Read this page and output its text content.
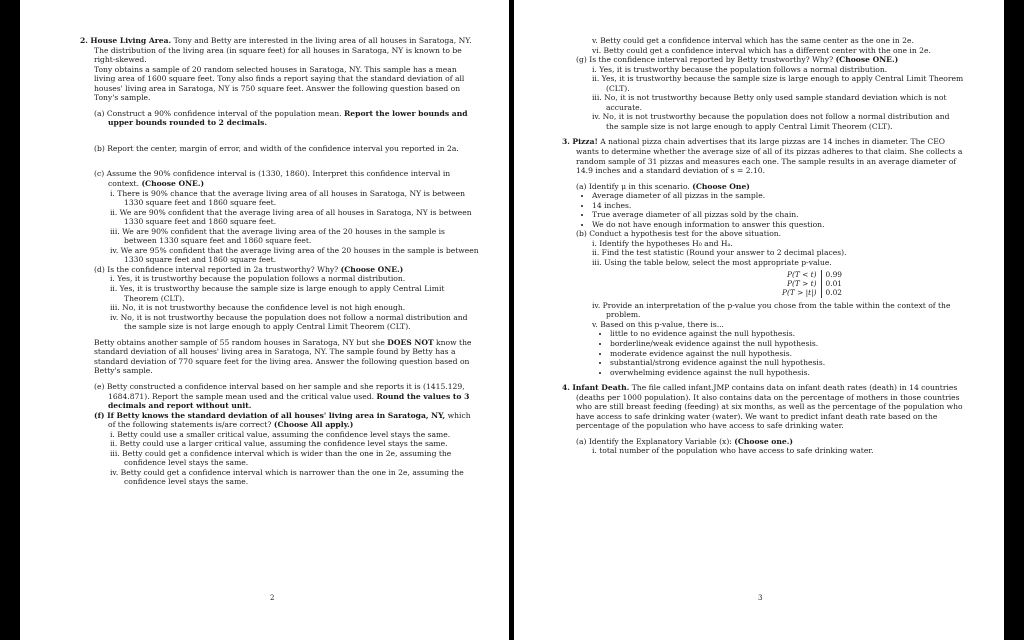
2. House Living Area. Tony and Betty are interested in the living area of all houses in Saratoga, NY. The distribution of the living area (in square feet) for all houses in Saratoga, NY is known to be right-skewed.

Tony obtains a sample of 20 random selected houses in Saratoga, NY. This sample has a mean living area of 1600 square feet. Tony also finds a report saying that the standard deviation of all houses' living area in Saratoga, NY is 750 square feet. Answer the following question based on Tony's sample.

(a) Construct a 90% confidence interval of the population mean. Report the lower bounds and upper bounds rounded to 2 decimals.

(b) Report the center, margin of error, and width of the confidence interval you reported in 2a.

(c) Assume the 90% confidence interval is (1330, 1860). Interpret this confidence interval in context. (Choose ONE.)

i. There is 90% chance that the average living area of all houses in Saratoga, NY is between 1330 square feet and 1860 square feet.

ii. We are 90% confident that the average living area of all houses in Saratoga, NY is between 1330 square feet and 1860 square feet.

iii. We are 90% confident that the average living area of the 20 houses in the sample is between 1330 square feet and 1860 square feet.

iv. We are 95% confident that the average living area of the 20 houses in the sample is between 1330 square feet and 1860 square feet.

(d) Is the confidence interval reported in 2a trustworthy? Why? (Choose ONE.)

i. Yes, it is trustworthy because the population follows a normal distribution.

ii. Yes, it is trustworthy because the sample size is large enough to apply Central Limit Theorem (CLT).

iii. No, it is not trustworthy because the confidence level is not high enough.

iv. No, it is not trustworthy because the population does not follow a normal distribution and the sample size is not large enough to apply Central Limit Theorem (CLT).

Betty obtains another sample of 55 random houses in Saratoga, NY but she DOES NOT know the standard deviation of all houses' living area in Saratoga, NY. The sample found by Betty has a standard deviation of 770 square feet for the living area. Answer the following question based on Betty's sample.

(e) Betty constructed a confidence interval based on her sample and she reports it is (1415.129, 1684.871). Report the sample mean used and the critical value used. Round the values to 3 decimals and report without unit.

(f) If Betty knows the standard deviation of all houses' living area in Saratoga, NY, which of the following statements is/are correct? (Choose All apply.)

i. Betty could use a smaller critical value, assuming the confidence level stays the same.

ii. Betty could use a larger critical value, assuming the confidence level stays the same.

iii. Betty could get a confidence interval which is wider than the one in 2e, assuming the confidence level stays the same.

iv. Betty could get a confidence interval which is narrower than the one in 2e, assuming the confidence level stays the same.

2

v. Betty could get a confidence interval which has the same center as the one in 2e.

vi. Betty could get a confidence interval which has a different center with the one in 2e.

(g) Is the confidence interval reported by Betty trustworthy? Why? (Choose ONE.)

i. Yes, it is trustworthy because the population follows a normal distribution.

ii. Yes, it is trustworthy because the sample size is large enough to apply Central Limit Theorem (CLT).

iii. No, it is not trustworthy because Betty only used sample standard deviation which is not accurate.

iv. No, it is not trustworthy because the population does not follow a normal distribution and the sample size is not large enough to apply Central Limit Theorem (CLT).

3. Pizza! A national pizza chain advertises that its large pizzas are 14 inches in diameter. The CEO wants to determine whether the average size of all of its pizzas adheres to that claim. She collects a random sample of 31 pizzas and measures each one. The sample results in an average diameter of 14.9 inches and a standard deviation of s = 2.10.

(a) Identify μ in this scenario. (Choose One)

• Average diameter of all pizzas in the sample.
• 14 inches.
• True average diameter of all pizzas sold by the chain.
• We do not have enough information to answer this question.

(b) Conduct a hypothesis test for the above situation.

i. Identify the hypotheses H₀ and Hₐ.

ii. Find the test statistic (Round your answer to 2 decimal places).

iii. Using the table below, select the most appropriate p-value.

P(T < t)	0.99
P(T > t)	0.01
P(T > |t|)	0.02

iv. Provide an interpretation of the p-value you chose from the table within the context of the problem.

v. Based on this p-value, there is...

• little to no evidence against the null hypothesis.
• borderline/weak evidence against the null hypothesis.
• moderate evidence against the null hypothesis.
• substantial/strong evidence against the null hypothesis.
• overwhelming evidence against the null hypothesis.

4. Infant Death. The file called infant.JMP contains data on infant death rates (death) in 14 countries (deaths per 1000 population). It also contains data on the percentage of mothers in those countries who are still breast feeding (feeding) at six months, as well as the percentage of the population who have access to safe drinking water (water). We want to predict infant death rate based on the percentage of the population who have access to safe drinking water.

(a) Identify the Explanatory Variable (x): (Choose one.)

i. total number of the population who have access to safe drinking water.

3
